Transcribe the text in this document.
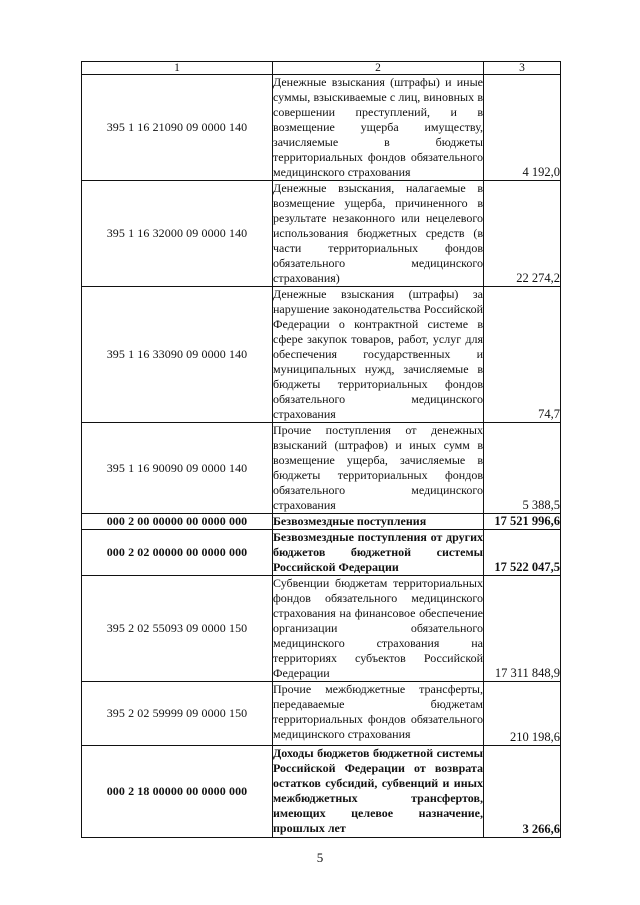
1	2	3
395 1 16 21090 09 0000 140	Денежные взыскания (штрафы) и иные суммы, взыскиваемые с лиц, виновных в совершении преступлений, и в возмещение ущерба имуществу, зачисляемые в бюджеты территориальных фондов обязательного медицинского страхования	4 192,0
395 1 16 32000 09 0000 140	Денежные взыскания, налагаемые в возмещение ущерба, причиненного в результате незаконного или нецелевого использования бюджетных средств (в части территориальных фондов обязательного медицинского страхования)	22 274,2
395 1 16 33090 09 0000 140	Денежные взыскания (штрафы) за нарушение законодательства Российской Федерации о контрактной системе в сфере закупок товаров, работ, услуг для обеспечения государственных и муниципальных нужд, зачисляемые в бюджеты территориальных фондов обязательного медицинского страхования	74,7
395 1 16 90090 09 0000 140	Прочие поступления от денежных взысканий (штрафов) и иных сумм в возмещение ущерба, зачисляемые в бюджеты территориальных фондов обязательного медицинского страхования	5 388,5
000 2 00 00000 00 0000 000	Безвозмездные поступления	17 521 996,6
000 2 02 00000 00 0000 000	Безвозмездные поступления от других бюджетов бюджетной системы Российской Федерации	17 522 047,5
395 2 02 55093 09 0000 150	Субвенции бюджетам территориальных фондов обязательного медицинского страхования на финансовое обеспечение организации обязательного медицинского страхования на территориях субъектов Российской Федерации	17 311 848,9
395 2 02 59999 09 0000 150	Прочие межбюджетные трансферты, передаваемые бюджетам территориальных фондов обязательного медицинского страхования	210 198,6
000 2 18 00000 00 0000 000	Доходы бюджетов бюджетной системы Российской Федерации от возврата остатков субсидий, субвенций и иных межбюджетных трансфертов, имеющих целевое назначение, прошлых лет	3 266,6
5
